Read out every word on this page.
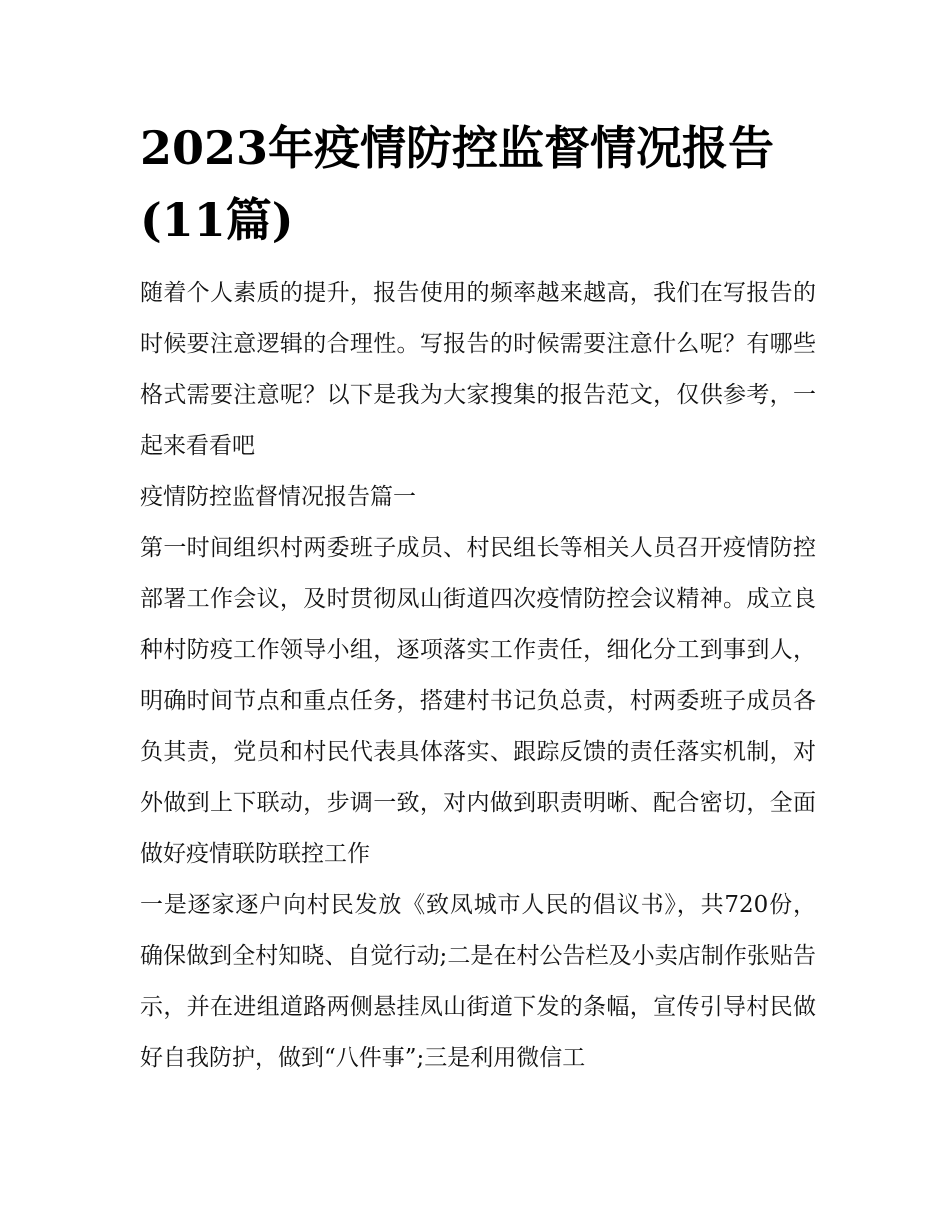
2023年疫情防控监督情况报告(11篇)

随着个人素质的提升，报告使用的频率越来越高，我们在写报告的时候要注意逻辑的合理性。写报告的时候需要注意什么呢？有哪些格式需要注意呢？以下是我为大家搜集的报告范文，仅供参考，一起来看看吧

疫情防控监督情况报告篇一

第一时间组织村两委班子成员、村民组长等相关人员召开疫情防控部署工作会议，及时贯彻凤山街道四次疫情防控会议精神。成立良种村防疫工作领导小组，逐项落实工作责任，细化分工到事到人，明确时间节点和重点任务，搭建村书记负总责，村两委班子成员各负其责，党员和村民代表具体落实、跟踪反馈的责任落实机制，对外做到上下联动，步调一致，对内做到职责明晰、配合密切，全面做好疫情联防联控工作

一是逐家逐户向村民发放《致凤城市人民的倡议书》，共720份，确保做到全村知晓、自觉行动;二是在村公告栏及小卖店制作张贴告示，并在进组道路两侧悬挂凤山街道下发的条幅，宣传引导村民做好自我防护，做到“八件事”;三是利用微信工
